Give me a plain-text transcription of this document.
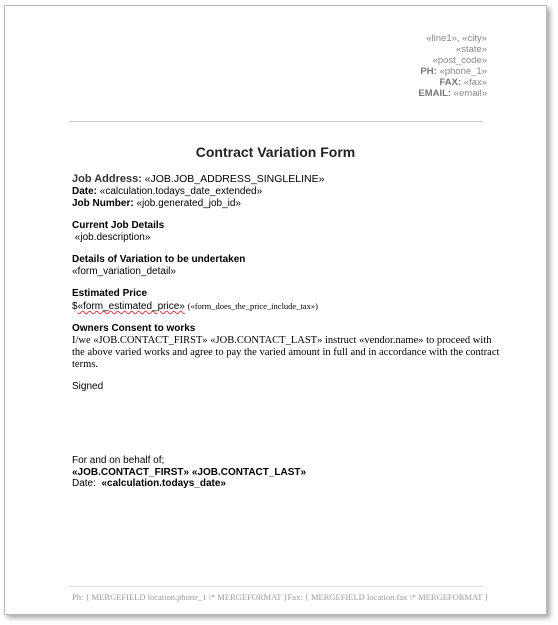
«line1», «city»
«state»
«post_code»
PH: «phone_1»
FAX: «fax»
EMAIL: «email»
Contract Variation Form
Job Address: «JOB.JOB_ADDRESS_SINGLELINE»
Date: «calculation.todays_date_extended»
Job Number: «job.generated_job_id»
Current Job Details
«job.description»
Details of Variation to be undertaken
«form_variation_detail»
Estimated Price
$«form_estimated_price» («form_does_the_price_include_tax»)
Owners Consent to works
I/we «JOB.CONTACT_FIRST» «JOB.CONTACT_LAST» instruct «vendor.name» to proceed with the above varied works and agree to pay the varied amount in full and in accordance with the contract terms.
Signed
For and on behalf of;
«JOB.CONTACT_FIRST» «JOB.CONTACT_LAST»
Date: «calculation.todays_date»
Ph: { MERGEFIELD location.phone_1 \* MERGEFORMAT }Fax: { MERGEFIELD location.fax \* MERGEFORMAT }
